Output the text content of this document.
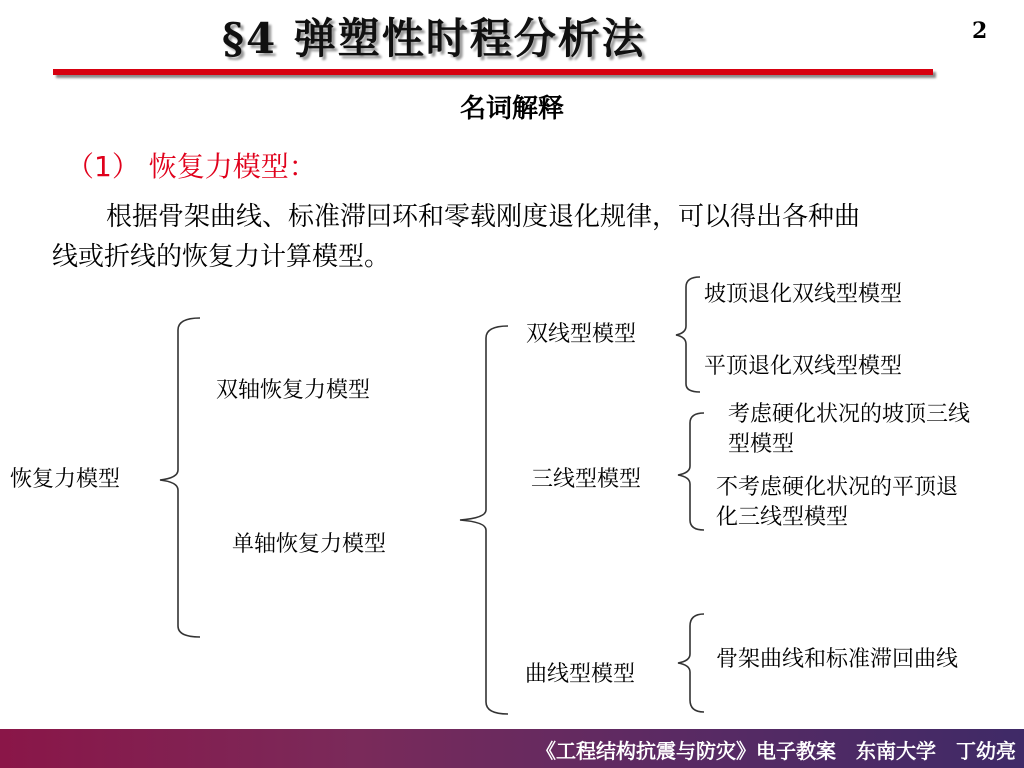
§4 弹塑性时程分析法	2
名词解释
（1） 恢复力模型：
根据骨架曲线、标准滞回环和零载刚度退化规律，可以得出各种曲
线或折线的恢复力计算模型。
恢复力模型
双轴恢复力模型
单轴恢复力模型
双线型模型
三线型模型
曲线型模型
坡顶退化双线型模型
平顶退化双线型模型
考虑硬化状况的坡顶三线
型模型
不考虑硬化状况的平顶退
化三线型模型
骨架曲线和标准滞回曲线
《工程结构抗震与防灾》电子教案　东南大学　丁幼亮
